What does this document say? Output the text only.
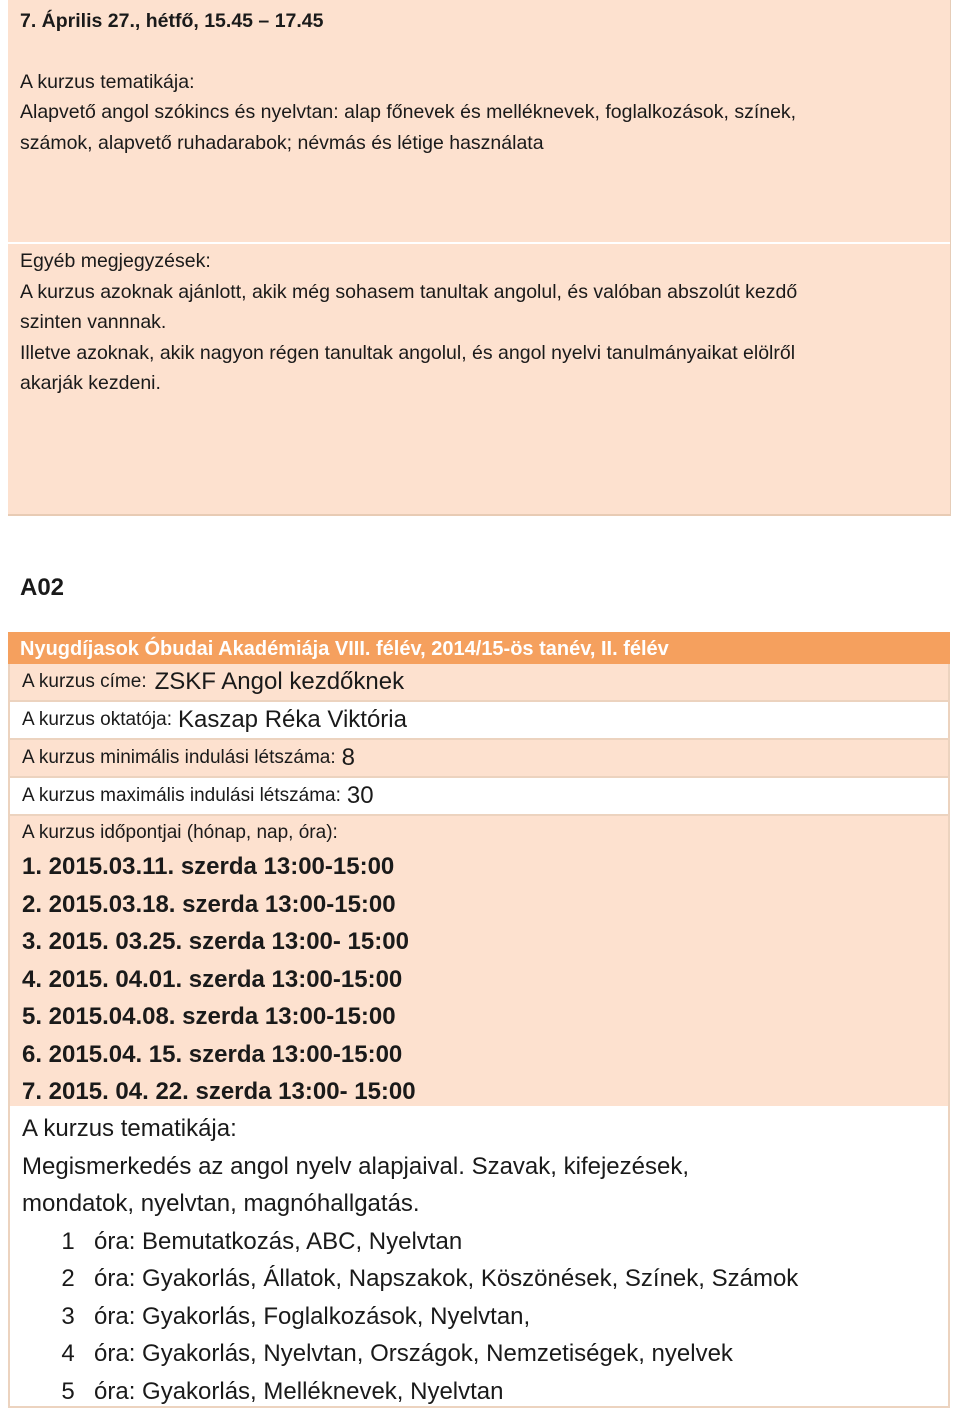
7. Április 27., hétfő, 15.45 – 17.45
A kurzus tematikája:
Alapvető angol szókincs és nyelvtan: alap főnevek és melléknevek, foglalkozások, színek,
számok, alapvető ruhadarabok; névmás és létige használata
Egyéb megjegyzések:
A kurzus azoknak ajánlott, akik még sohasem tanultak angolul, és valóban abszolút kezdő
szinten vannnak.
Illetve azoknak, akik nagyon régen tanultak angolul, és angol nyelvi tanulmányaikat elölről
akarják kezdeni.
A02
Nyugdíjasok Óbudai Akadémiája VIII. félév, 2014/15-ös tanév, II. félév
A kurzus címe: ZSKF Angol kezdőknek
A kurzus oktatója: Kaszap Réka Viktória
A kurzus minimális indulási létszáma: 8
A kurzus maximális indulási létszáma: 30
A kurzus időpontjai (hónap, nap, óra):
1. 2015.03.11. szerda 13:00-15:00
2. 2015.03.18. szerda 13:00-15:00
3. 2015. 03.25. szerda 13:00- 15:00
4. 2015. 04.01. szerda 13:00-15:00
5. 2015.04.08. szerda 13:00-15:00
6. 2015.04. 15. szerda 13:00-15:00
7. 2015. 04. 22. szerda 13:00- 15:00
A kurzus tematikája:
Megismerkedés az angol nyelv alapjaival. Szavak, kifejezések,
mondatok, nyelvtan, magnóhallgatás.
1 óra: Bemutatkozás, ABC, Nyelvtan
2 óra: Gyakorlás, Állatok, Napszakok, Köszönések, Színek, Számok
3 óra: Gyakorlás, Foglalkozások, Nyelvtan,
4 óra: Gyakorlás, Nyelvtan, Országok, Nemzetiségek, nyelvek
5 óra: Gyakorlás, Melléknevek, Nyelvtan
